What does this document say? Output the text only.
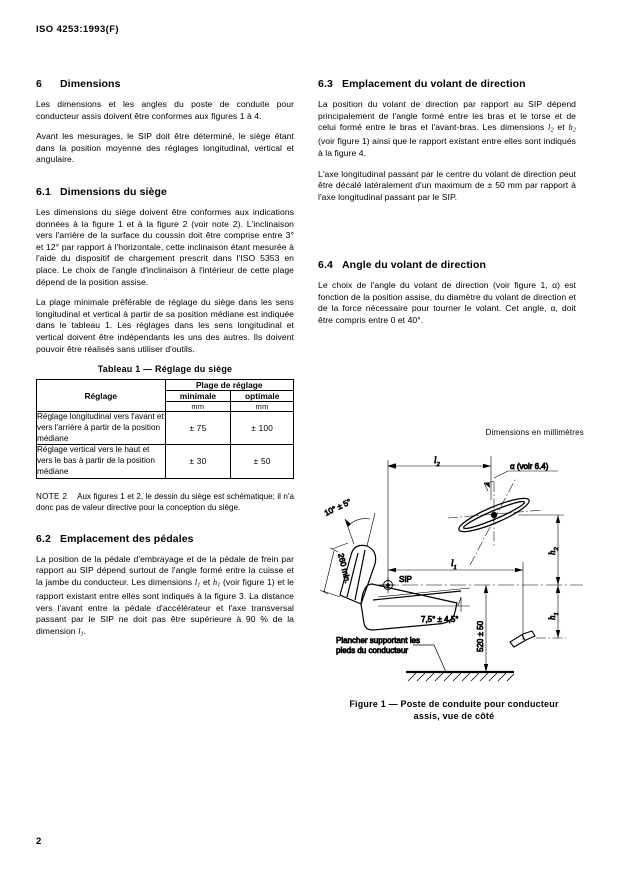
ISO 4253:1993(F)
6 Dimensions

Les dimensions et les angles du poste de conduite pour conducteur assis doivent être conformes aux figures 1 à 4.

Avant les mesurages, le SIP doit être déterminé, le siège étant dans la position moyenne des réglages longitudinal, vertical et angulaire.

6.1 Dimensions du siège

Les dimensions du siège doivent être conformes aux indications données à la figure 1 et à la figure 2 (voir note 2). L'inclinaison vers l'arrière de la surface du coussin doit être comprise entre 3° et 12° par rapport à l'horizontale, cette inclinaison étant mesurée à l'aide du dispositif de chargement prescrit dans l'ISO 5353 en place. Le choix de l'angle d'inclinaison à l'intérieur de cette plage dépend de la position assise.

La plage minimale préférable de réglage du siège dans les sens longitudinal et vertical à partir de sa position médiane est indiquée dans le tableau 1. Les réglages dans les sens longitudinal et vertical doivent être indépendants les uns des autres. Ils doivent pouvoir être réalisés sans utiliser d'outils.

Tableau 1 — Réglage du siège
Réglage	Plage de réglage	
	minimale	optimale
	mm	mm
Réglage longitudinal vers l'avant et vers l'arrière à partir de la position médiane	± 75	± 100
Réglage vertical vers le haut et vers le bas à partir de la position médiane	± 30	± 50

NOTE 2 Aux figures 1 et 2, le dessin du siège est schématique; il n'a donc pas de valeur directive pour la conception du siège.

6.2 Emplacement des pédales

La position de la pédale d'embrayage et de la pédale de frein par rapport au SIP dépend surtout de l'angle formé entre la cuisse et la jambe du conducteur. Les dimensions $l_1$ et $h_1$ (voir figure 1) et le rapport existant entre elles sont indiqués à la figure 3. La distance vers l'avant entre la pédale d'accélérateur et l'axe transversal passant par le SIP ne doit pas être supérieure à 90 % de la dimension $l_1$.

6.3 Emplacement du volant de direction

La position du volant de direction par rapport au SIP dépend principalement de l'angle formé entre les bras et le torse et de celui formé entre le bras et l'avant-bras. Les dimensions $l_2$ et $h_2$ (voir figure 1) ainsi que le rapport existant entre elles sont indiqués à la figure 4.

L'axe longitudinal passant par le centre du volant de direction peut être décalé latéralement d'un maximum de ± 50 mm par rapport à l'axe longitudinal passant par le SIP.

6.4 Angle du volant de direction

Le choix de l'angle du volant de direction (voir figure 1, α) est fonction de la position assise, du diamètre du volant de direction et de la force nécessaire pour tourner le volant. Cet angle, α, doit être compris entre 0 et 40°.

Dimensions en millimètres
10° ± 5°
260 min.	SIP
$l_2$	α (voir 6.4)
$l_1$
$h_2$
$h_1$
520 ± 50
7,5° ± 4,5°
Plancher supportant les
pieds du conducteur
Figure 1 — Poste de conduite pour conducteur
assis, vue de côté
2
